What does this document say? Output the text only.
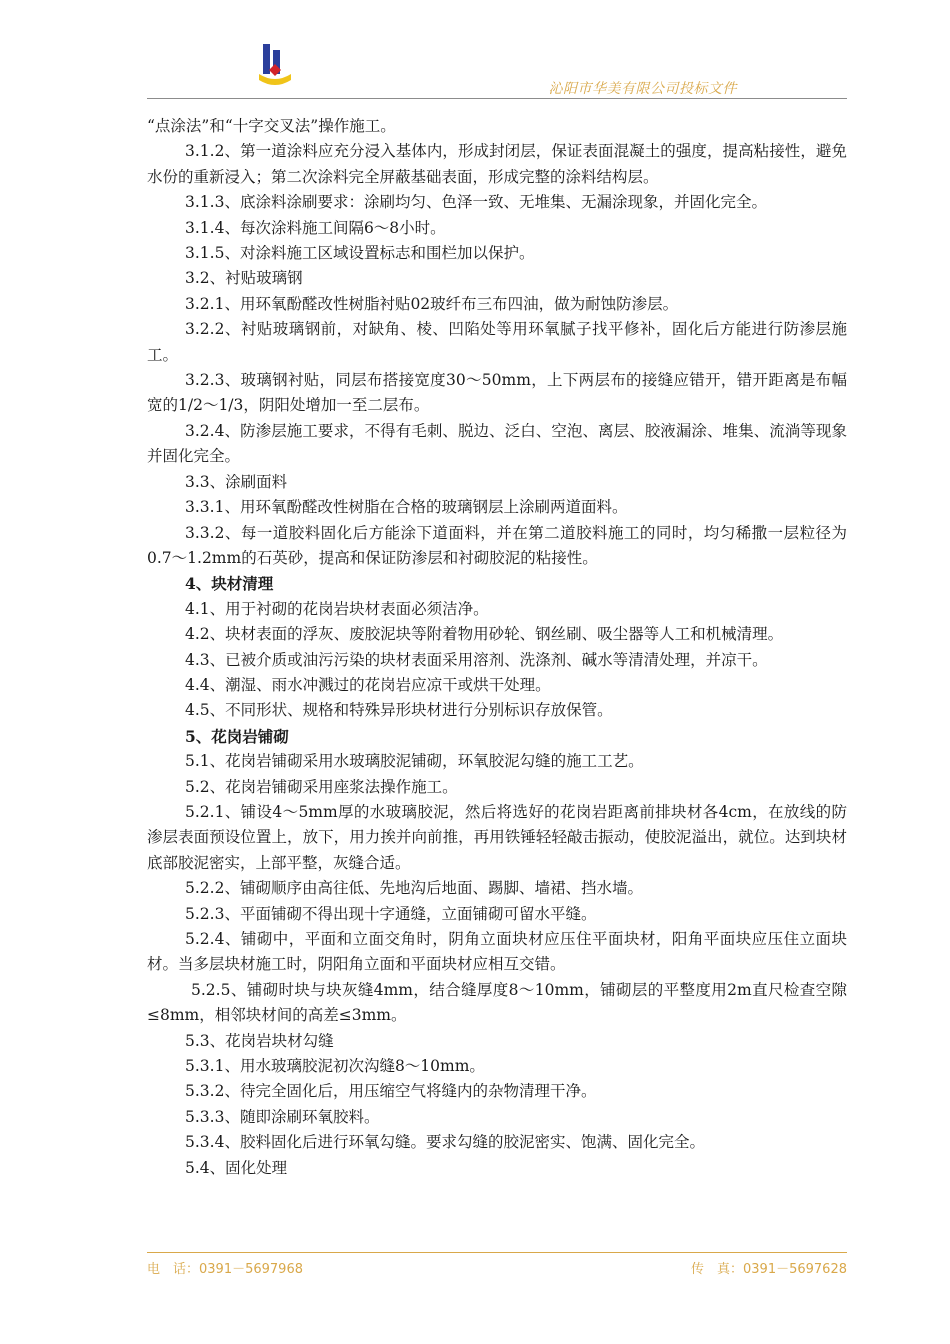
沁阳市华美有限公司投标文件

“点涂法”和“十字交叉法”操作施工。

3.1.2、第一道涂料应充分浸入基体内，形成封闭层，保证表面混凝土的强度，提高粘接性，避免水份的重新浸入；第二次涂料完全屏蔽基础表面，形成完整的涂料结构层。

3.1.3、底涂料涂刷要求：涂刷均匀、色泽一致、无堆集、无漏涂现象，并固化完全。

3.1.4、每次涂料施工间隔6～8小时。

3.1.5、对涂料施工区域设置标志和围栏加以保护。

3.2、衬贴玻璃钢

3.2.1、用环氧酚醛改性树脂衬贴02玻纤布三布四油，做为耐蚀防渗层。

3.2.2、衬贴玻璃钢前，对缺角、棱、凹陷处等用环氧腻子找平修补，固化后方能进行防渗层施工。

3.2.3、玻璃钢衬贴，同层布搭接宽度30～50mm，上下两层布的接缝应错开，错开距离是布幅宽的1/2～1/3，阴阳处增加一至二层布。

3.2.4、防渗层施工要求，不得有毛刺、脱边、泛白、空泡、离层、胶液漏涂、堆集、流淌等现象并固化完全。

3.3、涂刷面料

3.3.1、用环氧酚醛改性树脂在合格的玻璃钢层上涂刷两道面料。

3.3.2、每一道胶料固化后方能涂下道面料，并在第二道胶料施工的同时，均匀稀撒一层粒径为0.7～1.2mm的石英砂，提高和保证防渗层和衬砌胶泥的粘接性。

4、块材清理

4.1、用于衬砌的花岗岩块材表面必须洁净。

4.2、块材表面的浮灰、废胶泥块等附着物用砂轮、钢丝刷、吸尘器等人工和机械清理。

4.3、已被介质或油污污染的块材表面采用溶剂、洗涤剂、碱水等清清处理，并凉干。

4.4、潮湿、雨水冲溅过的花岗岩应凉干或烘干处理。

4.5、不同形状、规格和特殊异形块材进行分别标识存放保管。

5、花岗岩铺砌

5.1、花岗岩铺砌采用水玻璃胶泥铺砌，环氧胶泥勾缝的施工工艺。

5.2、花岗岩铺砌采用座浆法操作施工。

5.2.1、铺设4～5mm厚的水玻璃胶泥，然后将选好的花岗岩距离前排块材各4cm，在放线的防渗层表面预设位置上，放下，用力挨并向前推，再用铁锤轻轻敲击振动，使胶泥溢出，就位。达到块材底部胶泥密实，上部平整，灰缝合适。

5.2.2、铺砌顺序由高往低、先地沟后地面、踢脚、墙裙、挡水墙。

5.2.3、平面铺砌不得出现十字通缝，立面铺砌可留水平缝。

5.2.4、铺砌中，平面和立面交角时，阴角立面块材应压住平面块材，阳角平面块应压住立面块材。当多层块材施工时，阴阳角立面和平面块材应相互交错。

5.2.5、铺砌时块与块灰缝4mm，结合缝厚度8～10mm，铺砌层的平整度用2m直尺检查空隙≤8mm，相邻块材间的高差≤3mm。

5.3、花岗岩块材勾缝

5.3.1、用水玻璃胶泥初次沟缝8～10mm。

5.3.2、待完全固化后，用压缩空气将缝内的杂物清理干净。

5.3.3、随即涂刷环氧胶料。

5.3.4、胶料固化后进行环氧勾缝。要求勾缝的胶泥密实、饱满、固化完全。

5.4、固化处理

电　话：0391－5697968	传　真：0391－5697628
